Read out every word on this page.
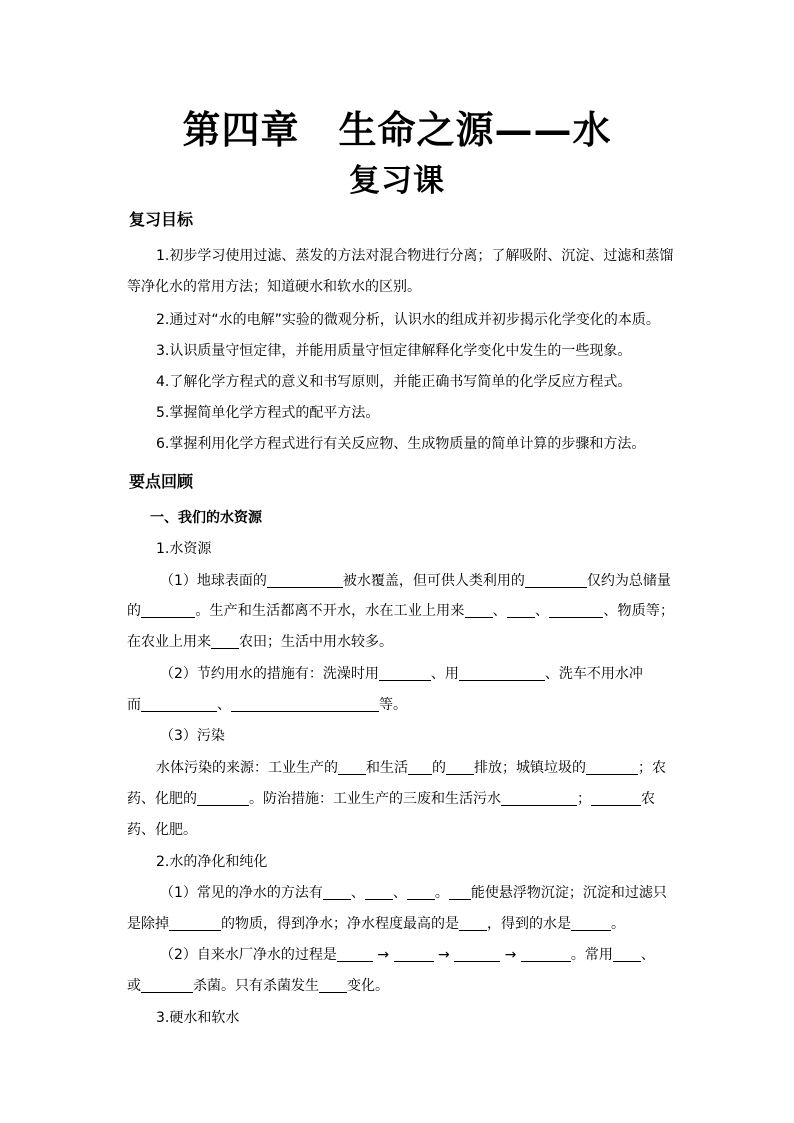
第四章　生命之源——水
复习课
复习目标

1.初步学习使用过滤、蒸发的方法对混合物进行分离；了解吸附、沉淀、过滤和蒸馏

等净化水的常用方法；知道硬水和软水的区别。

2.通过对“水的电解”实验的微观分析，认识水的组成并初步揭示化学变化的本质。

3.认识质量守恒定律，并能用质量守恒定律解释化学变化中发生的一些现象。

4.了解化学方程式的意义和书写原则，并能正确书写简单的化学反应方程式。

5.掌握简单化学方程式的配平方法。

6.掌握利用化学方程式进行有关反应物、生成物质量的简单计算的步骤和方法。

要点回顾

一、我们的水资源

1.水资源

（1）地球表面的	被水覆盖，但可供人类利用的	仅约为总储量

的	。生产和生活都离不开水，水在工业上用来 、 、	、物质等；

在农业上用来 农田；生活中用水较多。

（2）节约用水的措施有：洗澡时用	、用	、洗车不用水冲

而	、	等。

（3）污染

水体污染的来源：工业生产的 和生活 的 排放；城镇垃圾的	；农

药、化肥的	。防治措施：工业生产的三废和生活污水	；	农

药、化肥。

2.水的净化和纯化

（1）常见的净水的方法有 、 、 。 能使悬浮物沉淀；沉淀和过滤只

是除掉	的物质，得到净水；净水程度最高的是 ，得到的水是	。

（2）自来水厂净水的过程是	→	→	→	。常用 、

或	杀菌。只有杀菌发生 变化。

3.硬水和软水
